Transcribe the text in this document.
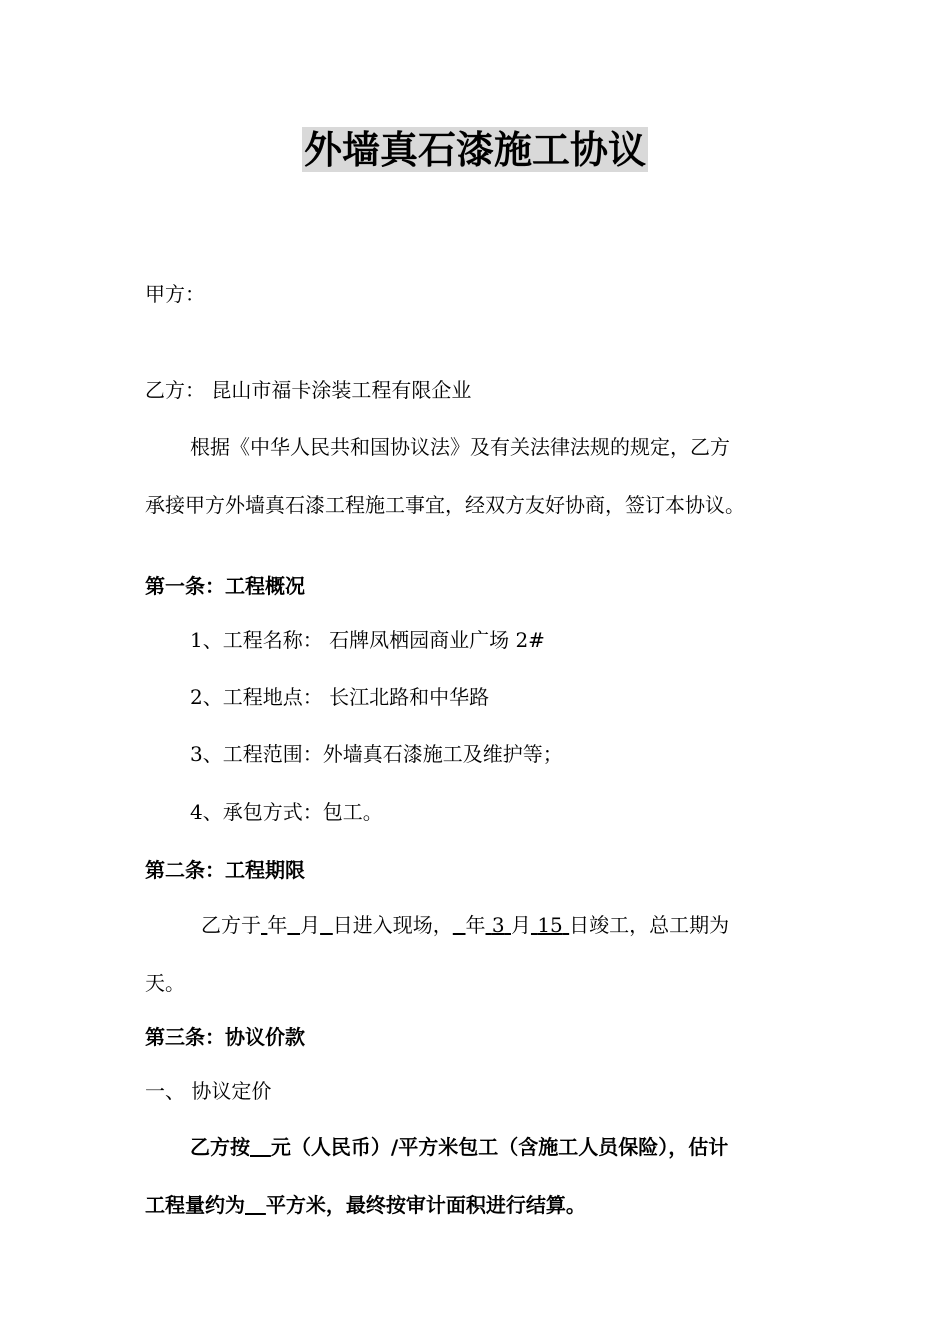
外墙真石漆施工协议
甲方：
乙方： 昆山市福卡涂装工程有限企业
根据《中华人民共和国协议法》及有关法律法规的规定，乙方
承接甲方外墙真石漆工程施工事宜，经双方友好协商，签订本协议。
第一条：工程概况
1、工程名称： 石牌凤栖园商业广场 2#
2、工程地点： 长江北路和中华路
3、工程范围：外墙真石漆施工及维护等；
4、承包方式：包工。
第二条：工程期限
乙方于 年 月 日进入现场， 年 3 月 15 日竣工，总工期为
天。
第三条：协议价款
一、 协议定价
乙方按 元（人民币）/平方米包工（含施工人员保险），估计
工程量约为 平方米，最终按审计面积进行结算。
